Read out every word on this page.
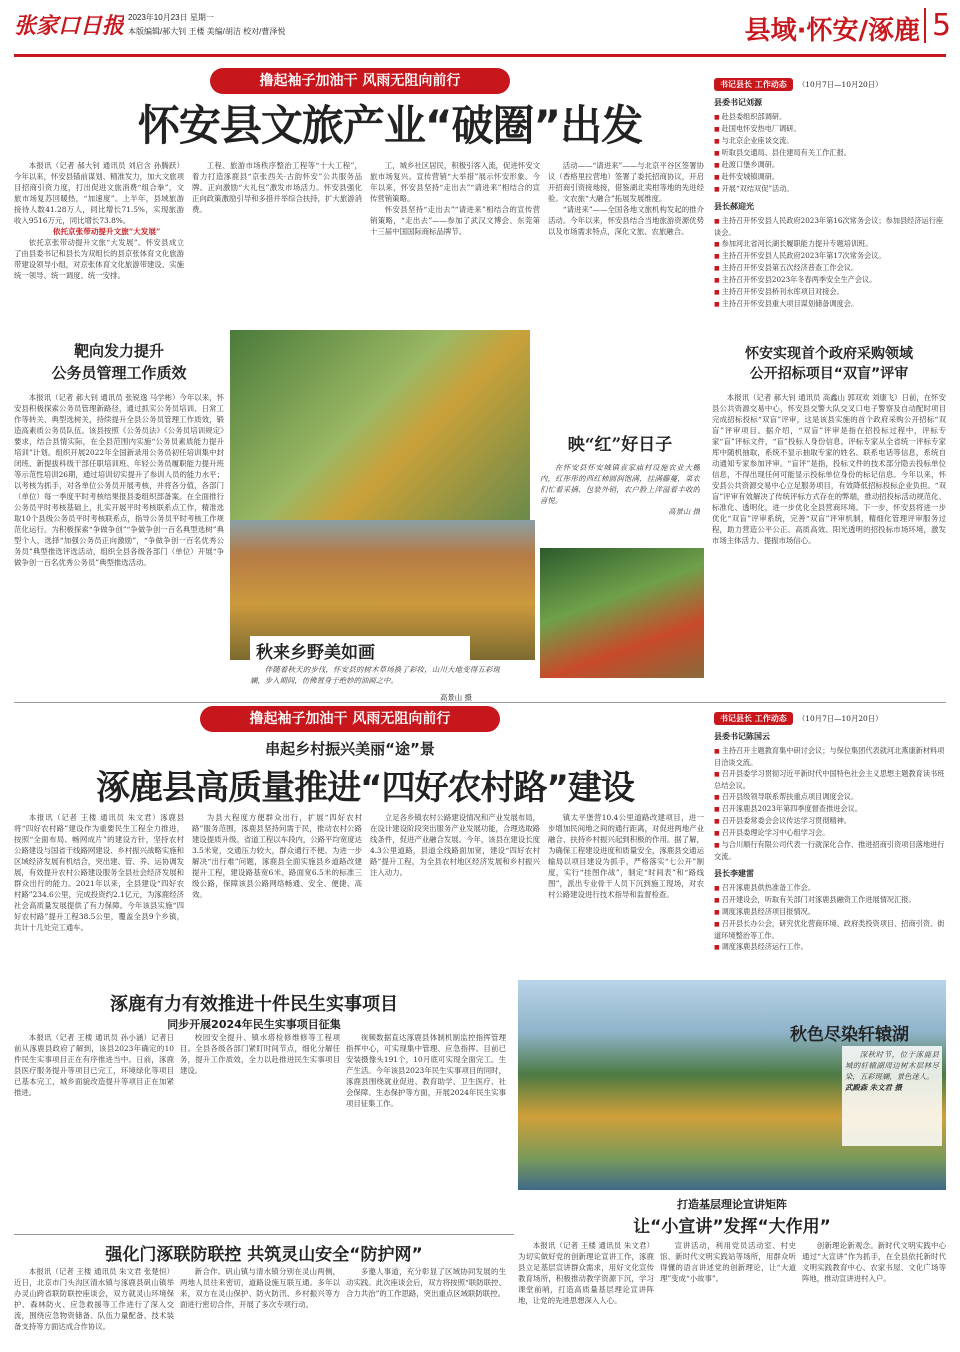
张家口日报 2023年10月23日 星期一
本版编辑/郝大钊 王楼 美编/胡洁 校对/曹泽悦	县域·怀安/涿鹿 5
撸起袖子加油干 风雨无阻向前行
怀安县文旅产业“破圈”出发

本报讯（记者 郝大钊 通讯员 刘启含 孙腾跃）今年以来，怀安县锚前谋划、精准发力，加大文旅项目招商引资力度，打出促进文旅消费“组合拳”，文旅市场复苏回暖热，“加速度”。上半年，县域旅游接待人数41.28万人，同比增长71.5%，实现旅游收入9516万元，同比增长73.8%。

依托京张带动提升文旅“大发展”

依托京张带动提升文旅“大发展”。怀安县成立了由县委书记和县长为双组长的县京张体育文化旅游带建设领导小组，对京张体育文化旅游带建设、实施统一领导、统一调度、统一安排。

工程、旅游市场秩序整治工程等“十大工程”，着力打造涿鹿县“京张西关·古韵怀安”公共服务品牌。正向激励“大礼包”激发市场活力。怀安县强化正向政策激励引导和多措并举综合扶持，扩大旅游消费。

工，城乡社区居民，积极引客入流，促进怀安文旅市场复兴。宣传营销“大举措”展示怀安形象。今年以来，怀安县坚持“走出去”“请进来”相结合的宣传营销策略。

怀安县坚持“走出去”“请进来”相结合的宣传营销策略，“走出去”——参加了武汉文博会、东莞第十三届中国国际商标品牌节。

活动——“请进来”——与北京平谷区签署协议（香格里拉营地）签署了委托招商协议，开启开招商引资接地接，借鉴湖北卖柑等地的先进经验。文农旅“大融合”拓展发展维度。

“请进来”——全国各地文旅机构发起的推介活动。今年以来，怀安县结合当地旅游资源优势以及市场需求特点，深化文旅、农旅融合。

书记县长 工作动态 （10月7日—10月20日）
县委书记刘源
■ 赴县委组织部调研。
■ 赴国电怀安热电厂调研。
■ 与北京企业座谈交流。
■ 听取县交通局、县住建局有关工作汇报。
■ 赴渡口堡乡调研。
■ 赴怀安城镇调研。
■ 开展“双结双促”活动。
县长郝迎光
■ 主持召开怀安县人民政府2023年第16次常务会议；参加县经济运行座谈会。
■ 参加河北省河长湖长履职能力提升专题培训班。
■ 主持召开怀安县人民政府2023年第17次常务会议。
■ 主持召开怀安县第五次经济普查工作会议。
■ 主持召开怀安县2023年冬春两季安全生产会议。
■ 主持召开怀安县桥刊水库项目对接会。
■ 主持召开怀安县重大项目谋划储备调度会。
靶向发力提升
公务员管理工作质效

本报讯（记者 郝大钊 通讯员 张锐逸 马学彬）今年以来，怀安县积极探索公务员管理新路径，通过抓实公务员培训、日常工作等转关、典型选树关，持续提升全县公务员管理工作质效，锻造高素质公务员队伍。该县按照《公务员法》《公务员培训规定》要求，结合县情实际，在全县范围内实施“公务员素质能力提升培训”计划。组织开展2022年全国新录用公务员初任培训集中封闭班、新提拔科级干部任职培训班、年轻公务员履职能力提升班等示范性培训26期，通过培训切实提升了参训人员的能力水平；以考核为抓手，对各单位公务员开展考核，并将各分值，各部门（单位）每一季度平时考核结果报县委组织部备案。在全面推行公务员平时考核基础上，扎实开展平时考核联系点工作，精准选取10个县级公务员平时考核联系点，指导公务员平时考核工作规范化运行。为积极探索“争做争创”“争做争创一百名典型选树”典型个人，选择“加强公务员正向激励”，“争做争创一百名优秀公务员”典型推选评选活动，组织全县各级各部门（单位）开展“争做争创一百名优秀公务员”典型推选活动。

映“红”好日子

在怀安县怀安城镇袁家庙村设施农业大棚内，红彤彤的西红柿圆润饱满，挂满藤蔓，菜农们忙着采摘、包装外销，农户脸上洋溢着丰收的喜悦。

高景山 摄
秋来乡野美如画

伴随着秋天的步伐，怀安县的树木草场换了彩妆，山川大地变得五彩斑斓，步入期间，仿佛置身于绝妙的油画之中。

高景山 摄
怀安实现首个政府采购领域
公开招标项目“双盲”评审

本报讯（记者 郝大钊 通讯员 高鑫山 郭双欢 刘康飞）日前，在怀安县公共资源交易中心，怀安县交警大队交叉口电子警察及自动配时项目完成招标投标“双盲”评审，这是该县实施的首个政府采购公开招标“双盲”评审项目。据介绍，“双盲”评审是指在招投标过程中，评标专家“盲”评标文件，“盲”投标人身份信息。评标专家从全省统一评标专家库中随机抽取，系统不显示抽取专家的姓名、联系电话等信息，系统自动通知专家参加评审。“盲评”是指，投标文件的技术部分隐去投标单位信息，不得出现任何可能显示投标单位身份的标记信息。今年以来，怀安县公共资源交易中心立足服务项目，有效降低招标投标企业负担。“双盲”评审有效解决了传统评标方式存在的弊端，推动招投标活动规范化、标准化、透明化，进一步优化全县营商环境。下一步，怀安县将进一步优化“双盲”评审系统，完善“双盲”评审机制，精细化管理评审服务过程，助力营造公平公正、高质高效、阳光透明的招投标市场环境，激发市场主体活力、提振市场信心。

撸起袖子加油干 风雨无阻向前行
串起乡村振兴美丽“途”景
涿鹿县高质量推进“四好农村路”建设

本报讯（记者 王楼 通讯员 朱文君）涿鹿县将“四好农村路”建设作为重要民生工程全力推进，按照“全面布局、畅网成片”的建设方针，坚持农村公路建设与国省干线路网建设、乡村振兴战略实施和区域经济发展有机结合，突出建、管、养、运协调发展，有效提升农村公路建设服务全县社会经济发展和群众出行的能力。2021年以来，全县建设“四好农村路”234.6公里，完成投资约2.1亿元，为涿鹿经济社会高质量发展提供了有力保障。今年该县实施“四好农村路”提升工程38.5公里，覆盖全县9个乡镇，共计十几处完工通车。

为县大程度方便群众出行，扩展“四好农村路”服务范围，涿鹿县坚持问需于民，推动农村公路建设提质升级。省道工程以车段内，公路平均宽度达3.5米宽，交通压力较大，群众通行不便。为进一步解决“出行难”问题，涿鹿县全面实施县乡道路改建提升工程，建设路基宽6米、路面宽6.5米的标准三级公路，保障该县公路网络畅通、安全、便捷、高效。

立足各乡镇农村公路建设情况和产业发展布局，在设计建设阶段突出服务产业发展功能，合理选取路线条件，促进产业融合发展。今年，该县在建设长度4.3公里道路，县道全线路面加宽，建设“四好农村路”提升工程，为全县农村地区经济发展和乡村振兴注入动力。

镇太平堡营10.4公里道路改建项目，进一步增加民间地之间的通行距离，对促进两地产业融合、扶持乡村振兴起到积极的作用。据了解，为确保工程建设进度和质量安全，涿鹿县交通运输局以项目建设为抓手，严格落实“七公开”制度，实行“挂图作战”，制定“时间表”和“路线图”，派出专业骨干人员下沉到施工现场，对农村公路建设进行技术指导和监督检查。

书记县长 工作动态 （10月7日—10月20日）
县委书记陈国云
■ 主持召开主题教育集中研讨会议；与保位集团代表就河北燕康新材料项目洽谈交流。
■ 召开县委学习贯彻习近平新时代中国特色社会主义思想主题教育读书班总结会议。
■ 召开县级领导联系帮扶重点项目调度会议。
■ 召开涿鹿县2023年第四季度督查推进会议。
■ 召开县委常委会会议传达学习贯彻精神。
■ 召开县委理论学习中心组学习会。
■ 与合川顺行有限公司代表一行就深化合作、推进招商引资项目落地进行交流。
县长李建雷
■ 召开涿鹿县供热准备工作会。
■ 召开建设会，听取有关部门对涿鹿县融资工作进展情况汇报。
■ 调度涿鹿县经济项目报情况。
■ 召开县长办公会，研究优化营商环境、政府类投资项目、招商引资、街道环境整治等工作。
■ 调度涿鹿县经济运行工作。
涿鹿有力有效推进十件民生实事项目
同步开展2024年民生实事项目征集

本报讯（记者 王楼 通讯员 孙小涵）记者日前从涿鹿县政府了解到，该县2023年确定的10件民生实事项目正在有序推进当中。日前，涿鹿县医疗服务提升等项目已完工，环境绿化等项目已基本完工，城乡面貌改造提升等项目正在加紧推进。

校园安全提升、镇水塔检修维修等工程项目。全县各级各部门紧盯时间节点，细化分解任务，提升工作质效，全力以赴推进民生实事项目建设。

视频数据直达涿鹿县体制机制监控指挥管理指挥中心，可实现集中管理、应急指挥。目前已安装摄像头191个，10月底可实现全面完工。生产生活。今年该县2023年民生实事项目的同时，涿鹿县围绕就业促进、教育助学、卫生医疗、社会保障、生态保护等方面，开展2024年民生实事项目征集工作。

秋色尽染轩辕湖

深秋时节，位于涿鹿县城的轩辕湖周边树木层林尽染，五彩斑斓，景色迷人。

武殿森 朱文君 摄
强化门涿联防联控 共筑灵山安全“防护网”

本报讯（记者 王楼 通讯员 朱文君 张楚恒）近日，北京市门头沟区清水镇与涿鹿县矾山镇举办灵山跨省联防联控座谈会，双方就灵山环境保护、森林防火、应急救援等工作进行了深入交流，围绕应急物资储备、队伍力量配备、技术装备支持等方面达成合作协议。

新合作。矾山镇与清水镇分别在灵山两侧，两地人员往来密切，道路设施互联互通。多年以来，双方在灵山保护、防火防汛、乡村振兴等方面进行密切合作，开展了多次专项行动。

多邀人事道，充分彰显了区域协同发展的生动实践。此次座谈会后，双方将按照“联防联控、合力共治”的工作思路，突出重点区域联防联控。

打造基层理论宣讲矩阵
让“小宣讲”发挥“大作用”

本报讯（记者 王楼 通讯员 朱文君）为切实做好党的创新理论宣讲工作，涿鹿县立足基层宣讲群众需求，用好文化宣传教育场所，积极推动教学资源下沉，学习课堂前哨，打造高质量基层理论宣讲阵地，让党的先进思想深入人心。

宣讲活动，利用党员活动室、村史馆、新时代文明实践站等场所，用群众听得懂的语言讲述党的创新理论，让“大道理”变成“小故事”。

创新理论新观念。新时代文明实践中心通过“大宣讲”作为抓手，在全县依托新时代文明实践教育中心、农家书屋、文化广场等阵地，推动宣讲进村入户。
